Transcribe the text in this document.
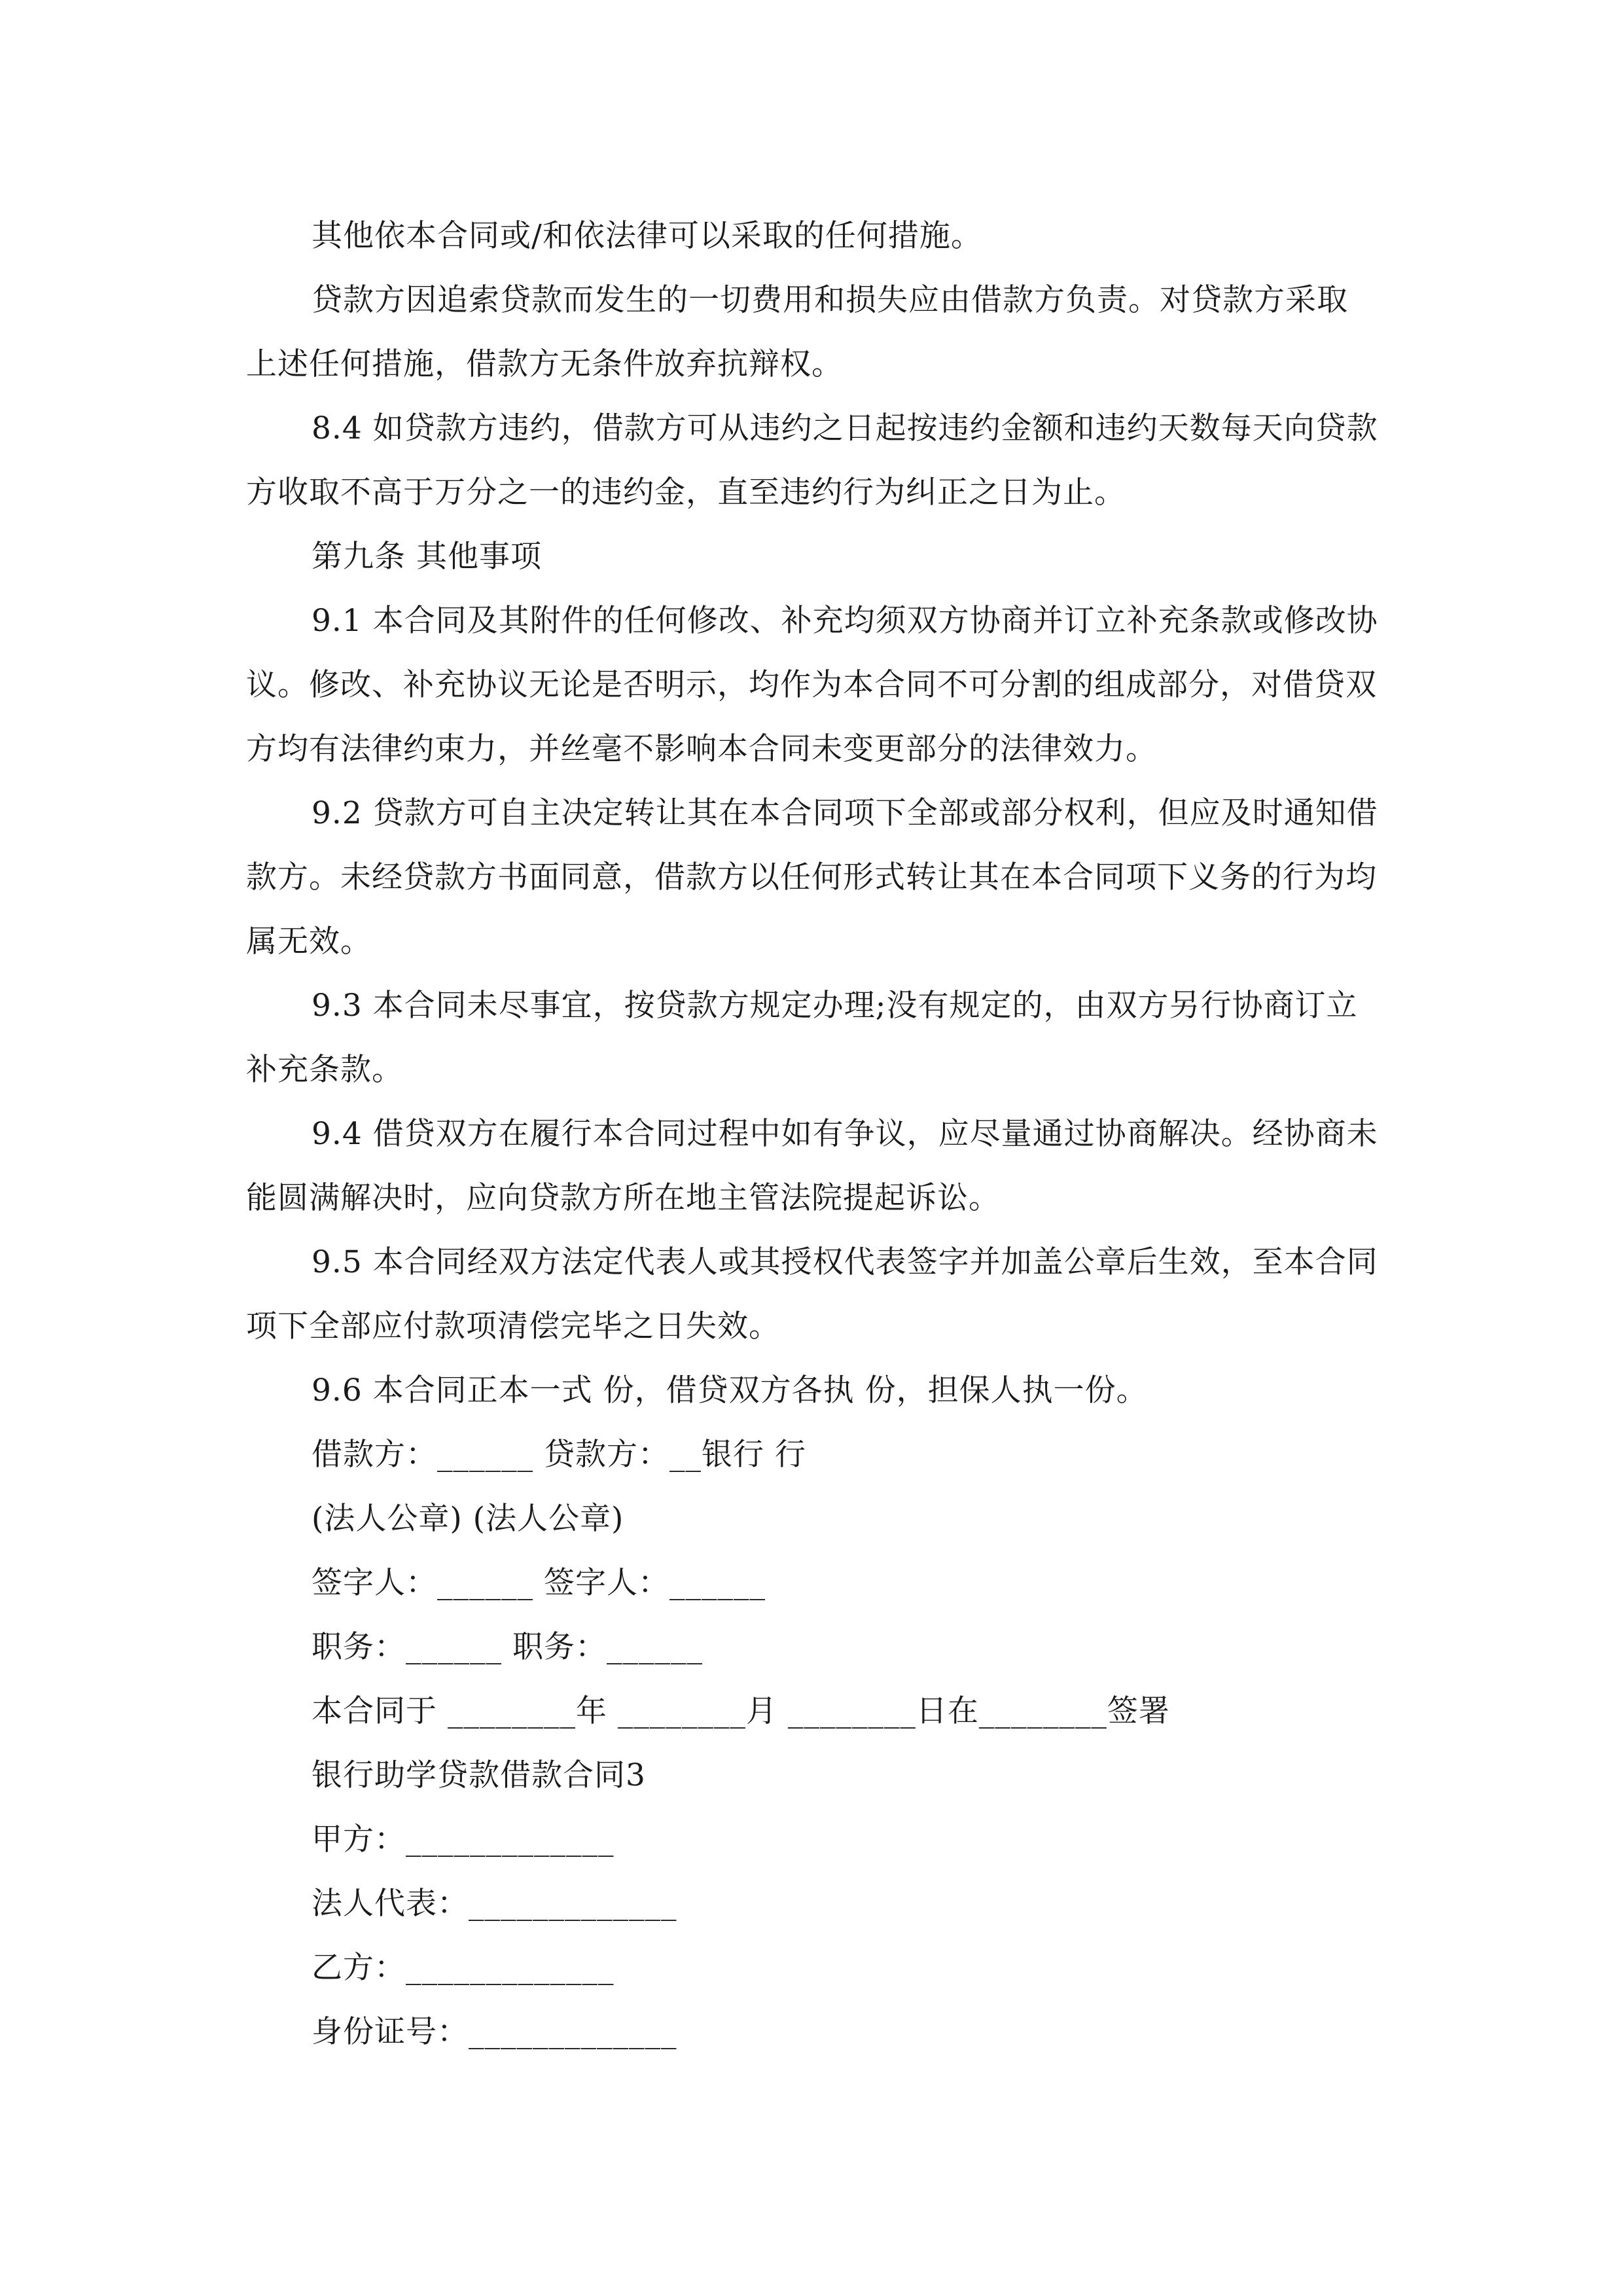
其他依本合同或/和依法律可以采取的任何措施。

贷款方因追索贷款而发生的一切费用和损失应由借款方负责。对贷款方采取上述任何措施，借款方无条件放弃抗辩权。

8.4 如贷款方违约，借款方可从违约之日起按违约金额和违约天数每天向贷款方收取不高于万分之一的违约金，直至违约行为纠正之日为止。

第九条 其他事项

9.1 本合同及其附件的任何修改、补充均须双方协商并订立补充条款或修改协议。修改、补充协议无论是否明示，均作为本合同不可分割的组成部分，对借贷双方均有法律约束力，并丝毫不影响本合同未变更部分的法律效力。

9.2 贷款方可自主决定转让其在本合同项下全部或部分权利，但应及时通知借款方。未经贷款方书面同意，借款方以任何形式转让其在本合同项下义务的行为均属无效。

9.3 本合同未尽事宜，按贷款方规定办理;没有规定的，由双方另行协商订立补充条款。

9.4 借贷双方在履行本合同过程中如有争议，应尽量通过协商解决。经协商未能圆满解决时，应向贷款方所在地主管法院提起诉讼。

9.5 本合同经双方法定代表人或其授权代表签字并加盖公章后生效，至本合同项下全部应付款项清偿完毕之日失效。

9.6 本合同正本一式 份，借贷双方各执 份，担保人执一份。
借款方：______ 贷款方：__银行 行
(法人公章) (法人公章)
签字人：______ 签字人：______
职务：______ 职务：______
本合同于 ________年 ________月 ________日在________签署
银行助学贷款借款合同3
甲方：_____________
法人代表：_____________
乙方：_____________
身份证号：_____________
